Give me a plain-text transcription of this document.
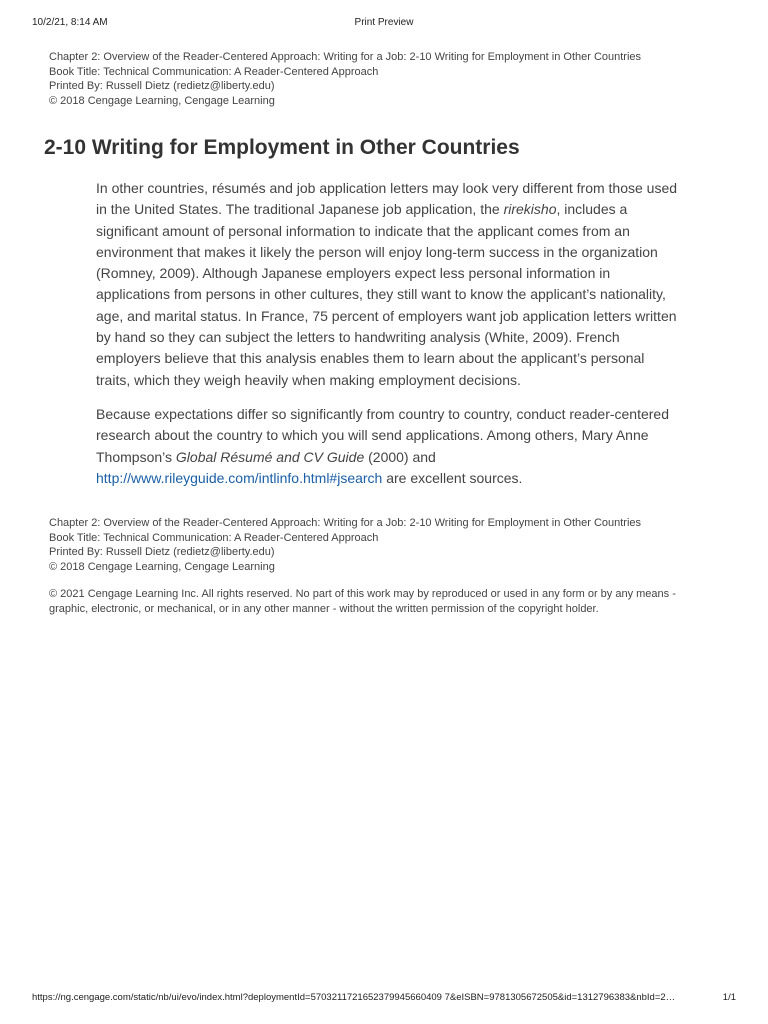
10/2/21, 8:14 AM	Print Preview
Chapter 2: Overview of the Reader-Centered Approach: Writing for a Job: 2-10 Writing for Employment in Other Countries
Book Title: Technical Communication: A Reader-Centered Approach
Printed By: Russell Dietz (redietz@liberty.edu)
© 2018 Cengage Learning, Cengage Learning
2-10 Writing for Employment in Other Countries

In other countries, résumés and job application letters may look very different from those used in the United States. The traditional Japanese job application, the rirekisho, includes a significant amount of personal information to indicate that the applicant comes from an environment that makes it likely the person will enjoy long-term success in the organization (Romney, 2009). Although Japanese employers expect less personal information in applications from persons in other cultures, they still want to know the applicant’s nationality, age, and marital status. In France, 75 percent of employers want job application letters written by hand so they can subject the letters to handwriting analysis (White, 2009). French employers believe that this analysis enables them to learn about the applicant’s personal traits, which they weigh heavily when making employment decisions.

Because expectations differ so significantly from country to country, conduct reader-centered research about the country to which you will send applications. Among others, Mary Anne Thompson’s Global Résumé and CV Guide (2000) and http://www.rileyguide.com/intlinfo.html#jsearch are excellent sources.

Chapter 2: Overview of the Reader-Centered Approach: Writing for a Job: 2-10 Writing for Employment in Other Countries
Book Title: Technical Communication: A Reader-Centered Approach
Printed By: Russell Dietz (redietz@liberty.edu)
© 2018 Cengage Learning, Cengage Learning
© 2021 Cengage Learning Inc. All rights reserved. No part of this work may by reproduced or used in any form or by any means - graphic, electronic, or mechanical, or in any other manner - without the written permission of the copyright holder.
https://ng.cengage.com/static/nb/ui/evo/index.html?deploymentId=5703211721652379945660409 7&eISBN=9781305672505&id=1312796383&nbId=2…	1/1
